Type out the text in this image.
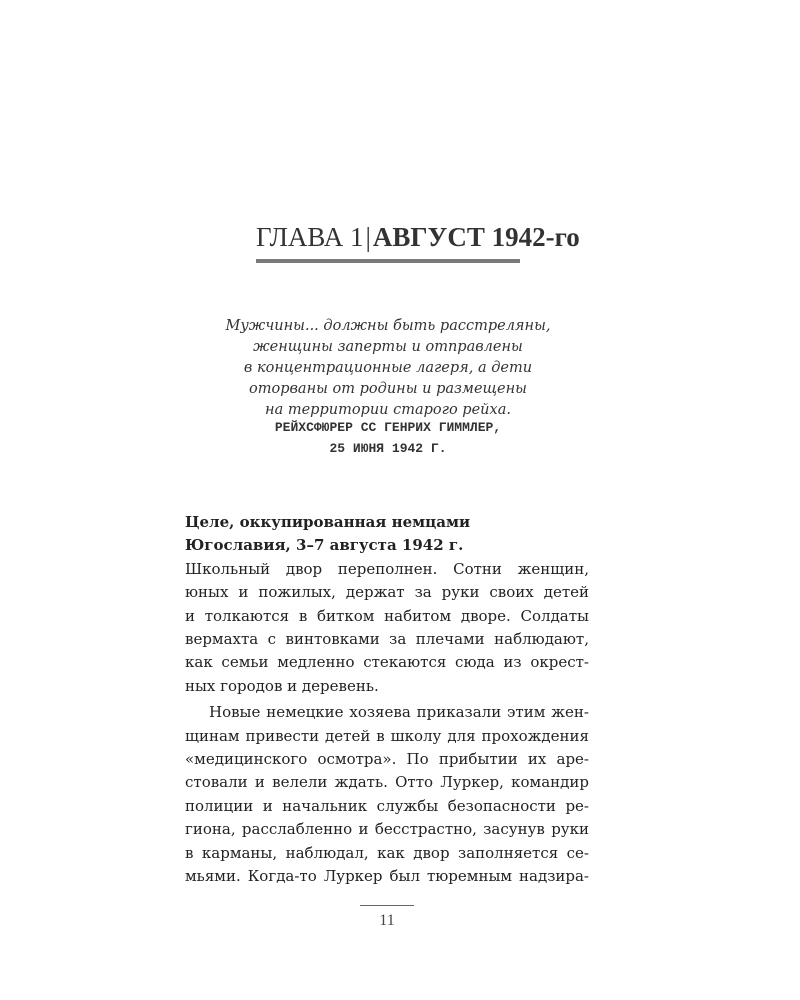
ГЛАВА 1|АВГУСТ 1942-го
Мужчины... должны быть расстреляны,
женщины заперты и отправлены
в концентрационные лагеря, а дети
оторваны от родины и размещены
на территории старого рейха.
РЕЙХСФЮРЕР СС ГЕНРИХ ГИММЛЕР,
25 ИЮНЯ 1942 Г.
Целе, оккупированная немцами
Югославия, 3–7 августа 1942 г.
Школьный двор переполнен. Сотни женщин,
юных и пожилых, держат за руки своих детей
и толкаются в битком набитом дворе. Солдаты
вермахта с винтовками за плечами наблюдают,
как семьи медленно стекаются сюда из окрест-
ных городов и деревень.
Новые немецкие хозяева приказали этим жен-
щинам привести детей в школу для прохождения
«медицинского осмотра». По прибытии их аре-
стовали и велели ждать. Отто Луркер, командир
полиции и начальник службы безопасности ре-
гиона, расслабленно и бесстрастно, засунув руки
в карманы, наблюдал, как двор заполняется се-
мьями. Когда-то Луркер был тюремным надзира-
11
